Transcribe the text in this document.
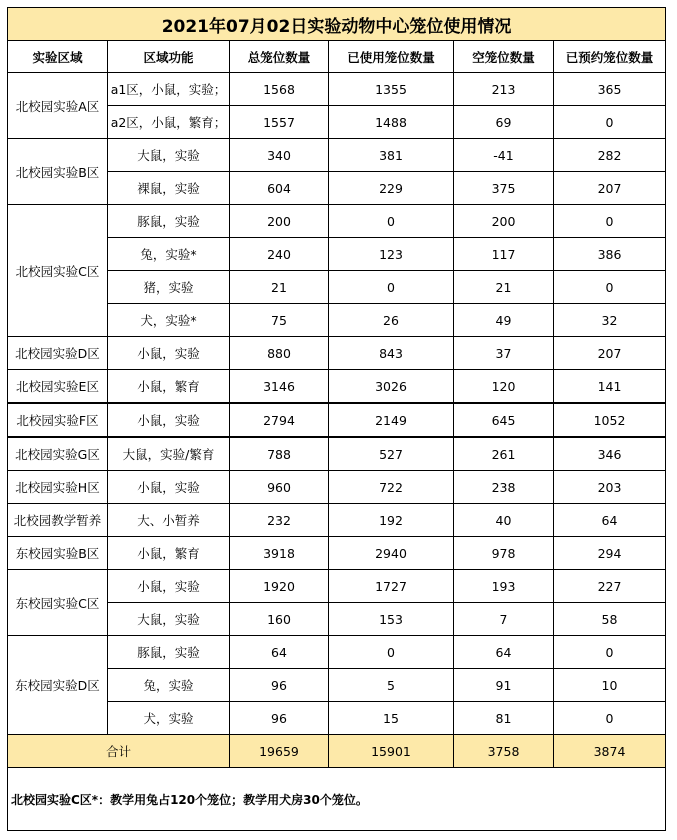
2021年07月02日实验动物中心笼位使用情况					
实验区域	区域功能	总笼位数量	已使用笼位数量	空笼位数量	已预约笼位数量
北校园实验A区	a1区，小鼠，实验；	1568	1355	213	365
	a2区，小鼠，繁育；	1557	1488	69	0
北校园实验B区	大鼠，实验	340	381	-41	282
	裸鼠，实验	604	229	375	207
北校园实验C区	豚鼠，实验	200	0	200	0
	兔，实验*	240	123	117	386
	猪，实验	21	0	21	0
	犬，实验*	75	26	49	32
北校园实验D区	小鼠，实验	880	843	37	207
北校园实验E区	小鼠，繁育	3146	3026	120	141
北校园实验F区	小鼠，实验	2794	2149	645	1052
北校园实验G区	大鼠，实验/繁育	788	527	261	346
北校园实验H区	小鼠，实验	960	722	238	203
北校园教学暂养	大、小暂养	232	192	40	64
东校园实验B区	小鼠，繁育	3918	2940	978	294
东校园实验C区	小鼠，实验	1920	1727	193	227
	大鼠，实验	160	153	7	58
东校园实验D区	豚鼠，实验	64	0	64	0
	兔，实验	96	5	91	10
	犬，实验	96	15	81	0
合计		19659	15901	3758	3874
北校园实验C区*：教学用兔占120个笼位；教学用犬房30个笼位。					
